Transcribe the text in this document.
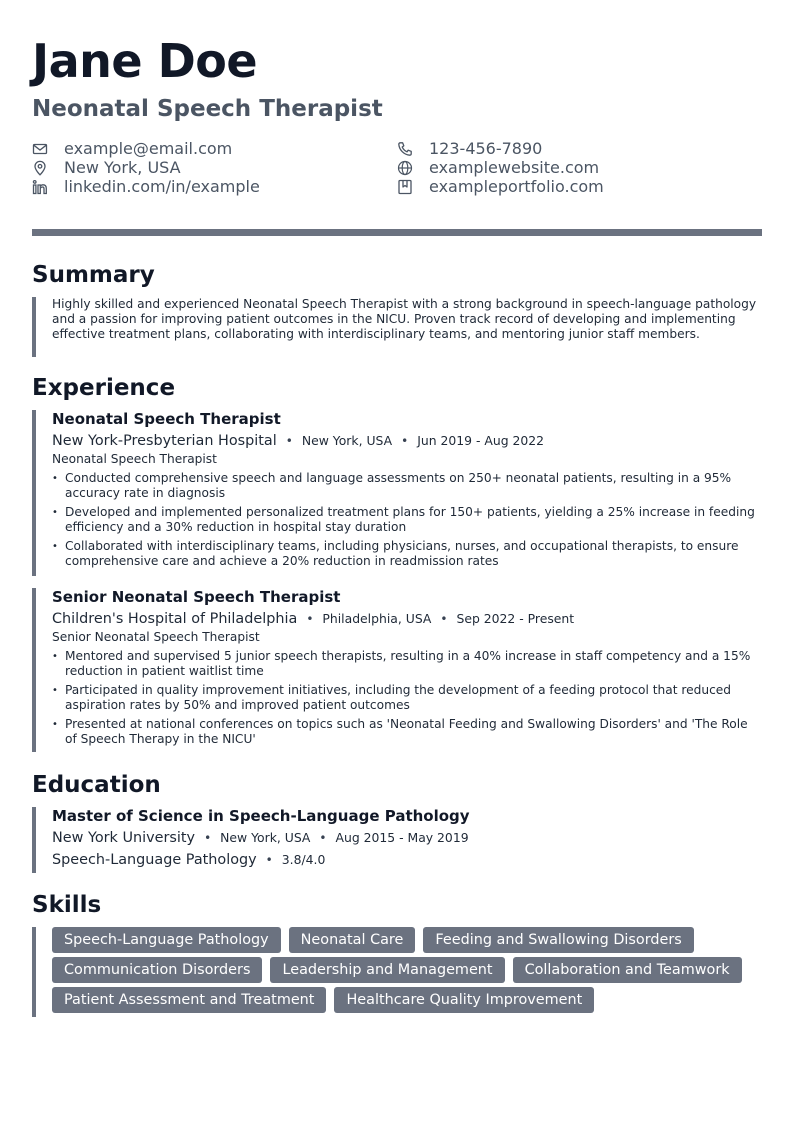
Jane Doe
Neonatal Speech Therapist
example@email.com	123-456-7890
New York, USA	examplewebsite.com
linkedin.com/in/example	exampleportfolio.com
Summary
Highly skilled and experienced Neonatal Speech Therapist with a strong background in speech-language pathology and a passion for improving patient outcomes in the NICU. Proven track record of developing and implementing effective treatment plans, collaborating with interdisciplinary teams, and mentoring junior staff members.
Experience
Neonatal Speech Therapist
New York-Presbyterian Hospital • New York, USA • Jun 2019 - Aug 2022
Neonatal Speech Therapist
• Conducted comprehensive speech and language assessments on 250+ neonatal patients, resulting in a 95% accuracy rate in diagnosis
• Developed and implemented personalized treatment plans for 150+ patients, yielding a 25% increase in feeding efficiency and a 30% reduction in hospital stay duration
• Collaborated with interdisciplinary teams, including physicians, nurses, and occupational therapists, to ensure comprehensive care and achieve a 20% reduction in readmission rates
Senior Neonatal Speech Therapist
Children's Hospital of Philadelphia • Philadelphia, USA • Sep 2022 - Present
Senior Neonatal Speech Therapist
• Mentored and supervised 5 junior speech therapists, resulting in a 40% increase in staff competency and a 15% reduction in patient waitlist time
• Participated in quality improvement initiatives, including the development of a feeding protocol that reduced aspiration rates by 50% and improved patient outcomes
• Presented at national conferences on topics such as 'Neonatal Feeding and Swallowing Disorders' and 'The Role of Speech Therapy in the NICU'
Education
Master of Science in Speech-Language Pathology
New York University • New York, USA • Aug 2015 - May 2019
Speech-Language Pathology • 3.8/4.0
Skills
Speech-Language Pathology	Neonatal Care	Feeding and Swallowing Disorders
Communication Disorders	Leadership and Management	Collaboration and Teamwork
Patient Assessment and Treatment	Healthcare Quality Improvement
